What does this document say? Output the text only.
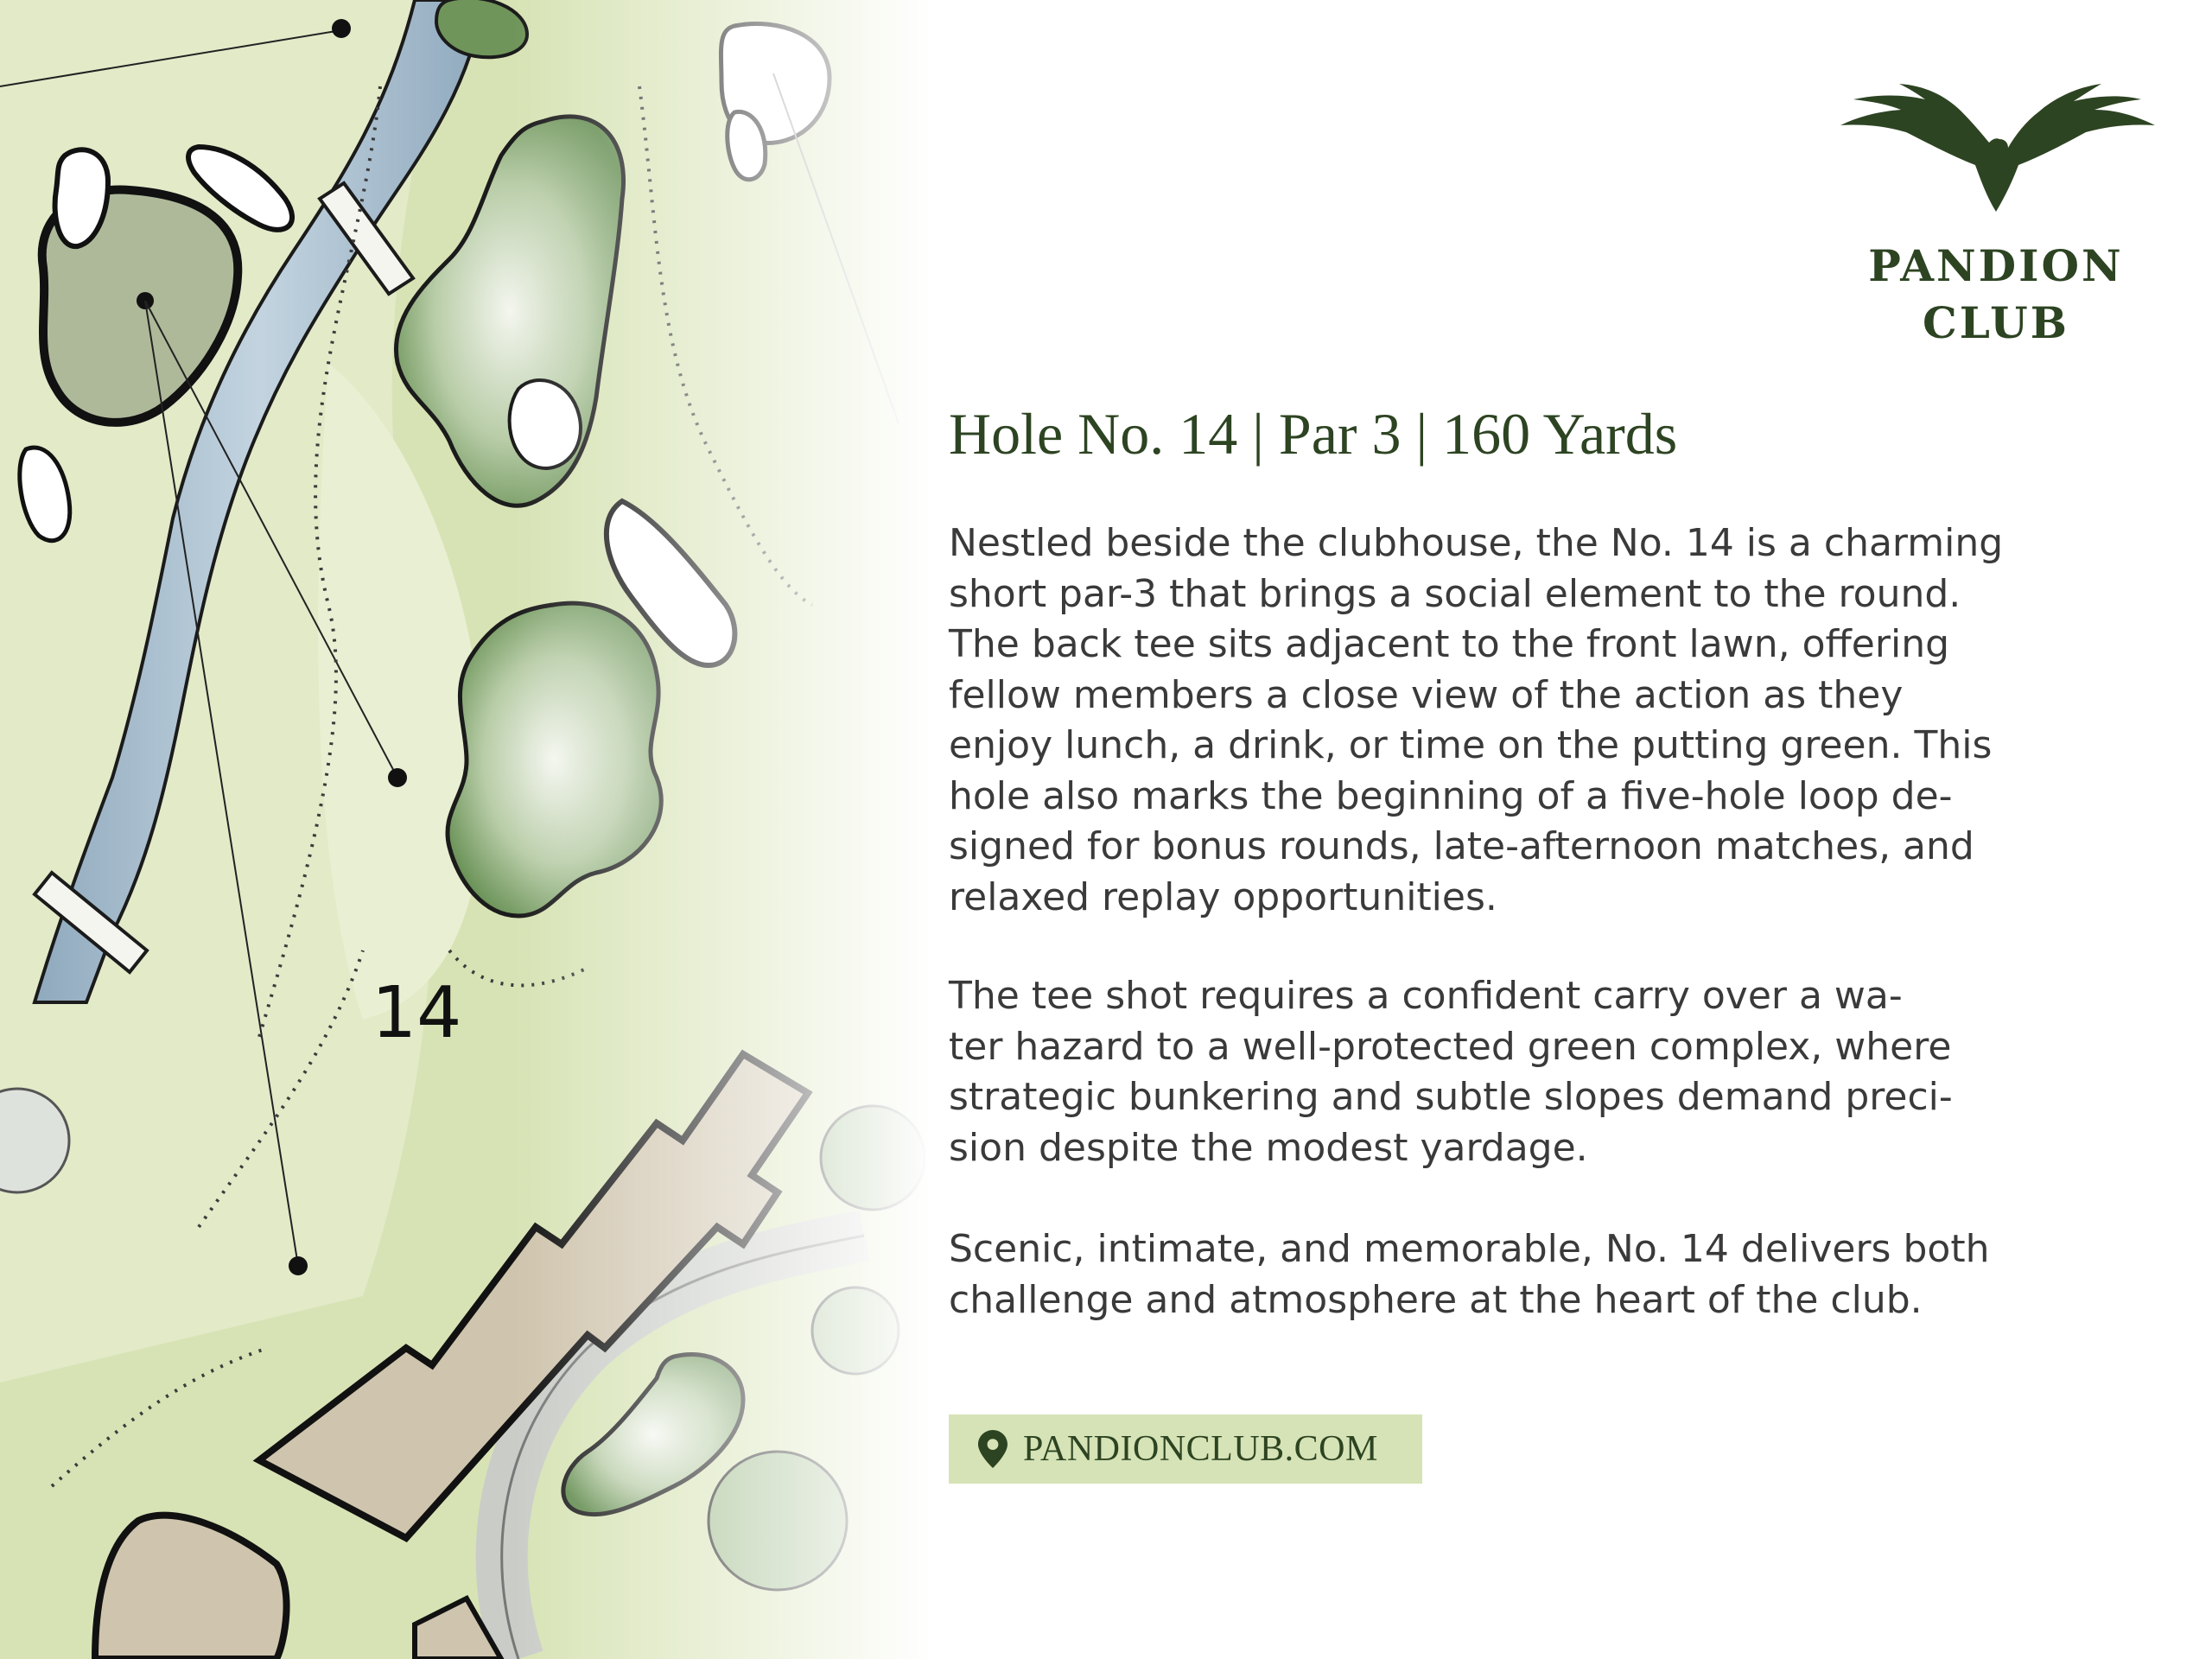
PANDION
CLUB
Hole No. 14 | Par 3 | 160 Yards

Nestled beside the clubhouse, the No. 14 is a charming
short par-3 that brings a social element to the round.
The back tee sits adjacent to the front lawn, offering
fellow members a close view of the action as they
enjoy lunch, a drink, or time on the putting green. This
hole also marks the beginning of a five-hole loop de-
signed for bonus rounds, late-afternoon matches, and
relaxed replay opportunities.

The tee shot requires a confident carry over a wa-
ter hazard to a well-protected green complex, where
strategic bunkering and subtle slopes demand preci-
sion despite the modest yardage.

Scenic, intimate, and memorable, No. 14 delivers both
challenge and atmosphere at the heart of the club.

PANDIONCLUB.COM
